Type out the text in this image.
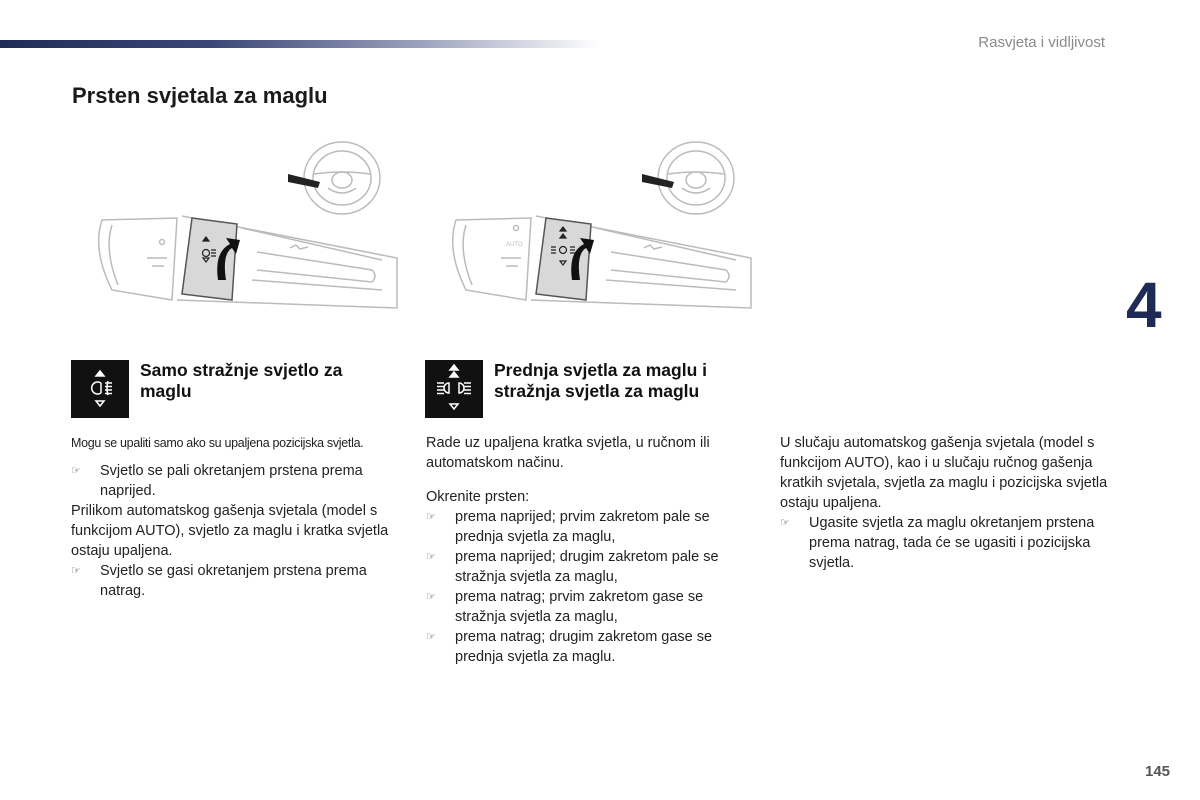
Rasvjeta i vidljivost
Prsten svjetala za maglu
4
AUTO
Samo stražnje svjetlo za maglu
Prednja svjetla za maglu i stražnja svjetla za maglu

Mogu se upaliti samo ako su upaljena pozicijska svjetla.

☞ Svjetlo se pali okretanjem prstena prema naprijed.

Prilikom automatskog gašenja svjetala (model s funkcijom AUTO), svjetlo za maglu i kratka svjetla ostaju upaljena.

☞ Svjetlo se gasi okretanjem prstena prema natrag.

Rade uz upaljena kratka svjetla, u ručnom ili automatskom načinu.

Okrenite prsten:

☞ prema naprijed; prvim zakretom pale se prednja svjetla za maglu,

☞ prema naprijed; drugim zakretom pale se stražnja svjetla za maglu,

☞ prema natrag; prvim zakretom gase se stražnja svjetla za maglu,

☞ prema natrag; drugim zakretom gase se prednja svjetla za maglu.

U slučaju automatskog gašenja svjetala (model s funkcijom AUTO), kao i u slučaju ručnog gašenja kratkih svjetala, svjetla za maglu i pozicijska svjetla ostaju upaljena.

☞ Ugasite svjetla za maglu okretanjem prstena prema natrag, tada će se ugasiti i pozicijska svjetla.

145
